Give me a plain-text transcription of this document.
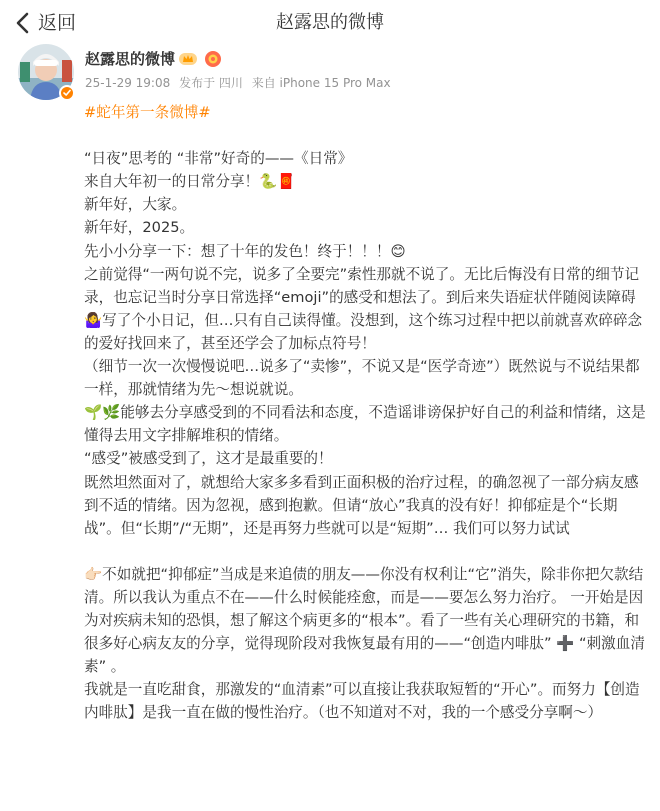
返回	赵露思的微博
赵露思的微博
25-1-29 19:08 发布于 四川 来自 iPhone 15 Pro Max

#蛇年第一条微博#

“日夜”思考的 “非常”好奇的——《日常》

来自大年初一的日常分享！🐍🧧

新年好，大家。

新年好，2025。

先小小分享一下：想了十年的发色！终于！！！😊

之前觉得“一两句说不完，说多了全要完”索性那就不说了。无比后悔没有日常的细节记录，也忘记当时分享日常选择“emoji”的感受和想法了。到后来失语症状伴随阅读障碍🤷‍♀️写了个小日记，但…只有自己读得懂。没想到，这个练习过程中把以前就喜欢碎碎念的爱好找回来了，甚至还学会了加标点符号！

（细节一次一次慢慢说吧…说多了“卖惨”，不说又是“医学奇迹”）既然说与不说结果都一样，那就情绪为先～想说就说。

🌱🌿能够去分享感受到的不同看法和态度，不造谣诽谤保护好自己的利益和情绪，这是懂得去用文字排解堆积的情绪。

“感受”被感受到了，这才是最重要的！

既然坦然面对了，就想给大家多多看到正面积极的治疗过程，的确忽视了一部分病友感到不适的情绪。因为忽视，感到抱歉。但请“放心”我真的没有好！抑郁症是个“长期战”。但“长期”/“无期”，还是再努力些就可以是“短期”… 我们可以努力试试

👉🏻不如就把“抑郁症”当成是来追债的朋友——你没有权利让“它”消失，除非你把欠款结清。所以我认为重点不在——什么时候能痊愈，而是——要怎么努力治疗。 一开始是因为对疾病未知的恐惧，想了解这个病更多的“根本”。看了一些有关心理研究的书籍，和很多好心病友友的分享，觉得现阶段对我恢复最有用的——“创造内啡肽” ➕ “刺激血清素” 。

我就是一直吃甜食，那激发的“血清素”可以直接让我获取短暂的“开心”。而努力【创造内啡肽】是我一直在做的慢性治疗。（也不知道对不对，我的一个感受分享啊～）
